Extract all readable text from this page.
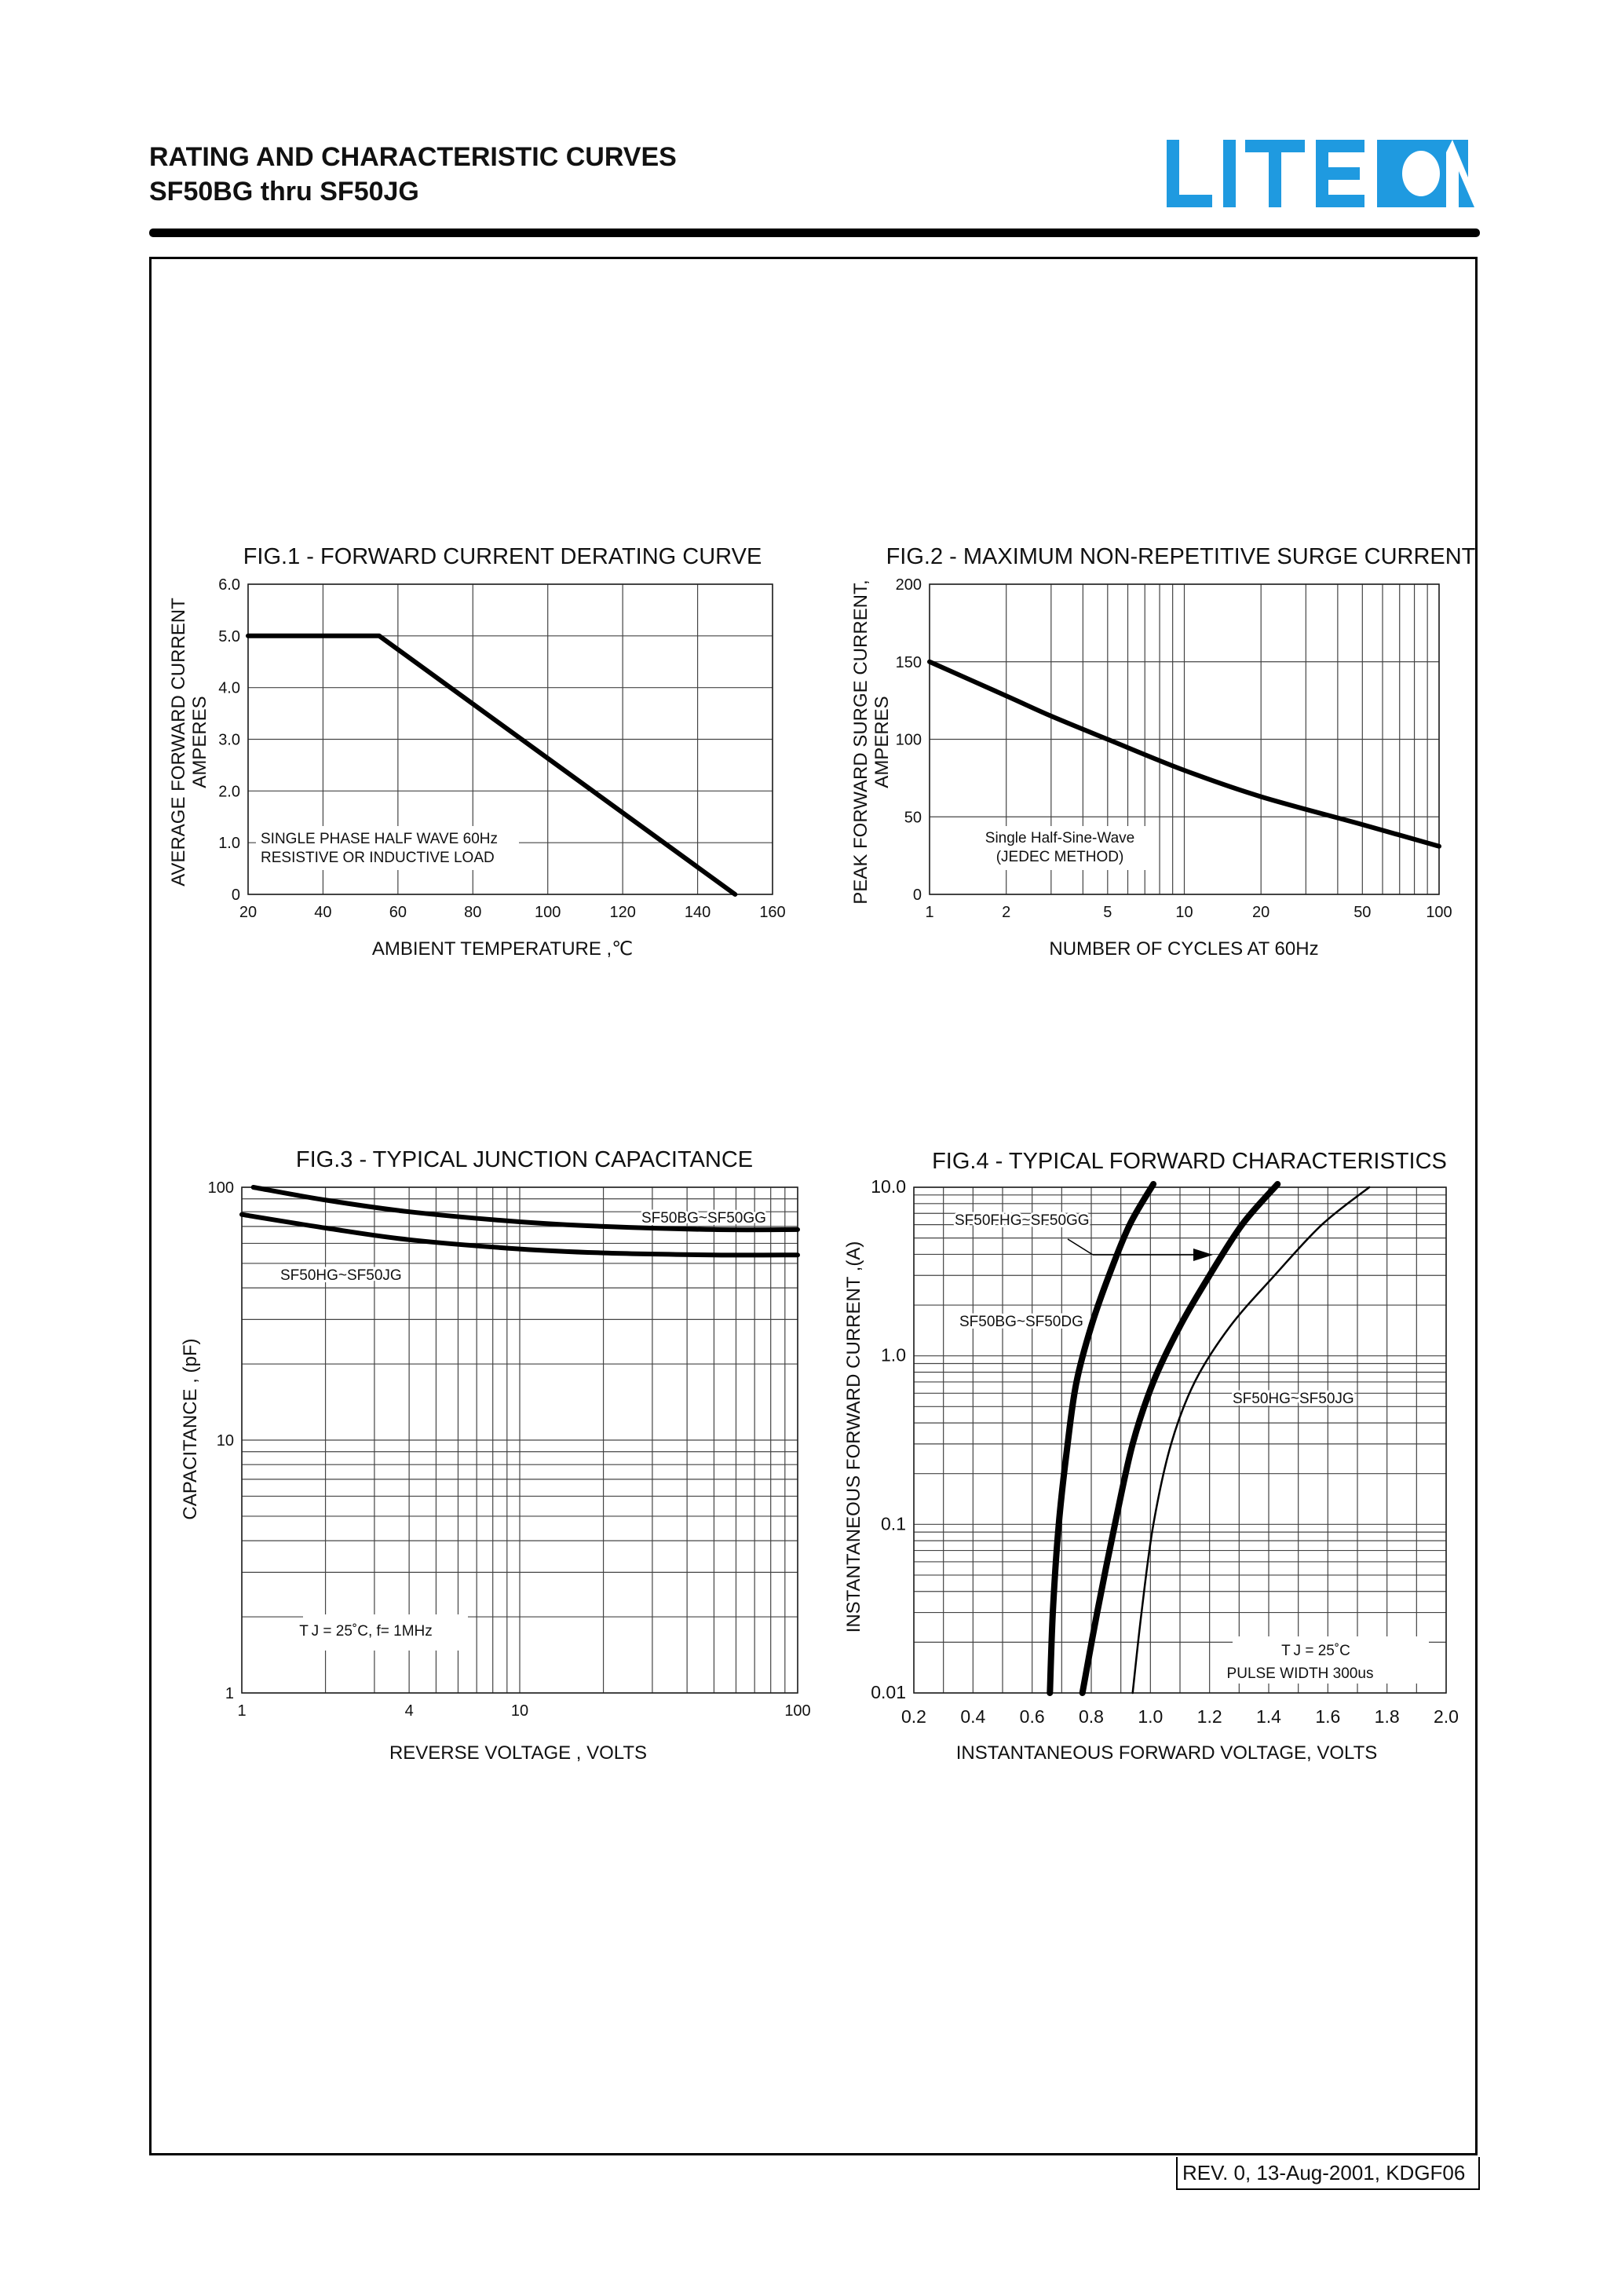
RATING AND CHARACTERISTIC CURVES
SF50BG thru SF50JG
REV. 0, 13-Aug-2001, KDGF06
FIG.1 - FORWARD CURRENT DERATING CURVE
20	40	60	80	100	120	140	160
0
1.0
2.0
3.0
4.0
5.0
6.0
AMBIENT TEMPERATURE ,℃
AVERAGE FORWARD CURRENT AMPERES
SINGLE PHASE HALF WAVE 60Hz
RESISTIVE OR INDUCTIVE LOAD
FIG.2 - MAXIMUM NON-REPETITIVE SURGE CURRENT
1	2	5	10	20	50	100
0
50
100
150
200
NUMBER OF CYCLES AT 60Hz
PEAK FORWARD SURGE CURRENT, AMPERES
Single Half-Sine-Wave
(JEDEC METHOD)
FIG.3 - TYPICAL JUNCTION CAPACITANCE
1	4	10	100
1
10
100
REVERSE VOLTAGE , VOLTS
CAPACITANCE , (pF)
T J = 25˚C, f= 1MHz
SF50BG~SF50GG
SF50HG~SF50JG
FIG.4 - TYPICAL FORWARD CHARACTERISTICS
0.2 0.4 0.6 0.8 1.0 1.2 1.4 1.6 1.8 2.0
0.01
0.1
1.0
10.0
INSTANTANEOUS FORWARD VOLTAGE, VOLTS
INSTANTANEOUS FORWARD CURRENT ,(A)
T J = 25˚C
PULSE WIDTH 300us
SF50BG~SF50DG
SF50FHG~SF50GG
SF50HG~SF50JG
